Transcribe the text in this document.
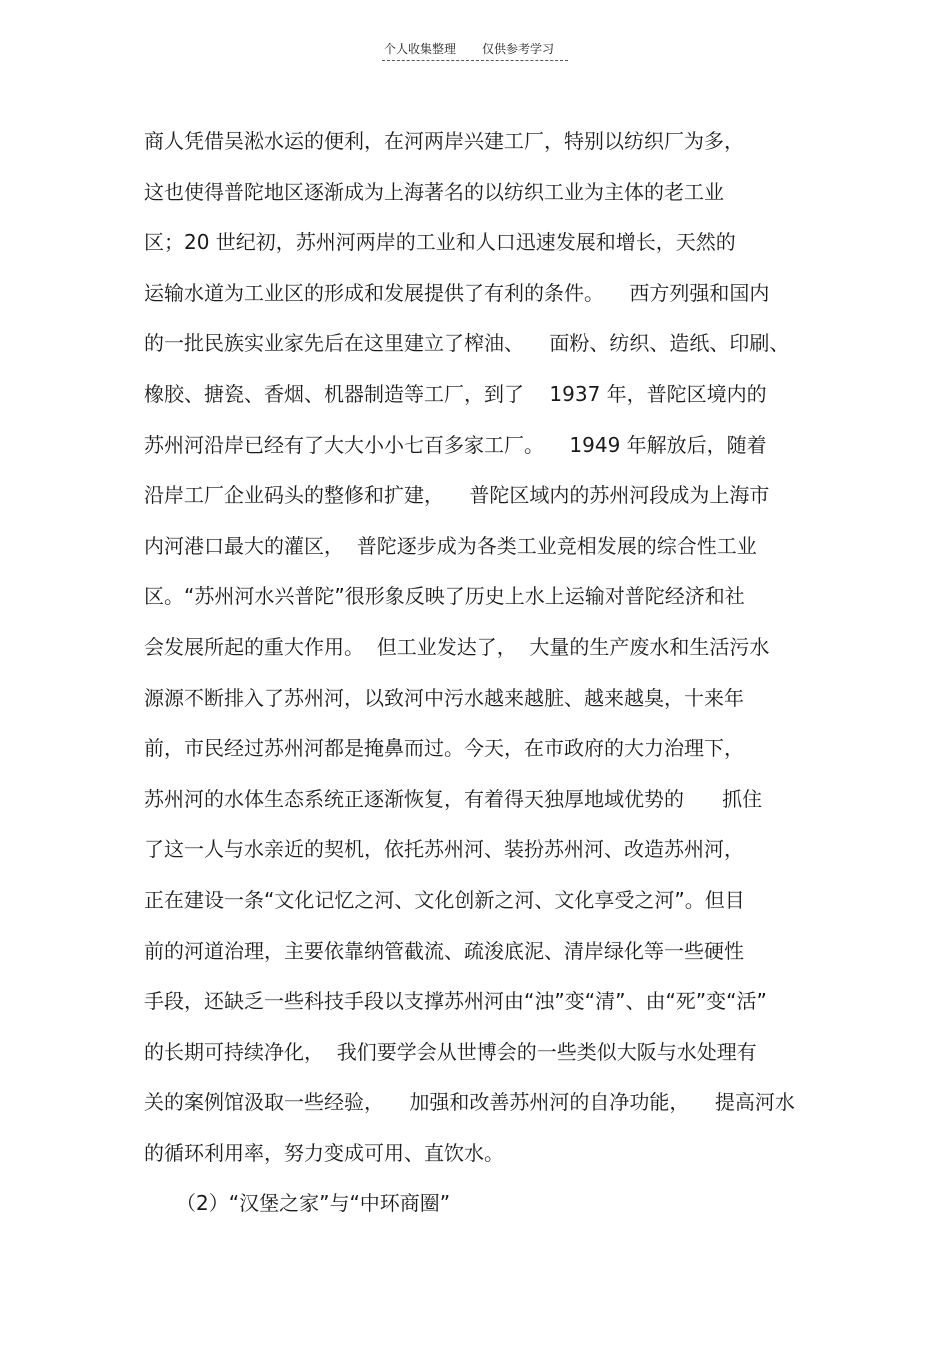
个人收集整理 仅供参考学习
商人凭借吴淞水运的便利，在河两岸兴建工厂，特别以纺织厂为多，
这也使得普陀地区逐渐成为上海著名的以纺织工业为主体的老工业
区；20 世纪初，苏州河两岸的工业和人口迅速发展和增长，天然的
运输水道为工业区的形成和发展提供了有利的条件。    西方列强和国内
的一批民族实业家先后在这里建立了榨油、    面粉、纺织、造纸、印刷、
橡胶、搪瓷、香烟、机器制造等工厂，到了    1937 年，普陀区境内的
苏州河沿岸已经有了大大小小七百多家工厂。    1949 年解放后，随着
沿岸工厂企业码头的整修和扩建，    普陀区域内的苏州河段成为上海市
内河港口最大的灌区，  普陀逐步成为各类工业竞相发展的综合性工业
区。“苏州河水兴普陀”很形象反映了历史上水上运输对普陀经济和社
会发展所起的重大作用。  但工业发达了，  大量的生产废水和生活污水
源源不断排入了苏州河，以致河中污水越来越脏、越来越臭，十来年
前，市民经过苏州河都是掩鼻而过。今天，在市政府的大力治理下，
苏州河的水体生态系统正逐渐恢复，有着得天独厚地域优势的      抓住
了这一人与水亲近的契机，依托苏州河、装扮苏州河、改造苏州河，
正在建设一条“文化记忆之河、文化创新之河、文化享受之河”。但目
前的河道治理，主要依靠纳管截流、疏浚底泥、清岸绿化等一些硬性
手段，还缺乏一些科技手段以支撑苏州河由“浊”变“清”、由“死”变“活”
的长期可持续净化，  我们要学会从世博会的一些类似大阪与水处理有
关的案例馆汲取一些经验，    加强和改善苏州河的自净功能，    提高河水
的循环利用率，努力变成可用、直饮水。
（2）“汉堡之家”与“中环商圈”
